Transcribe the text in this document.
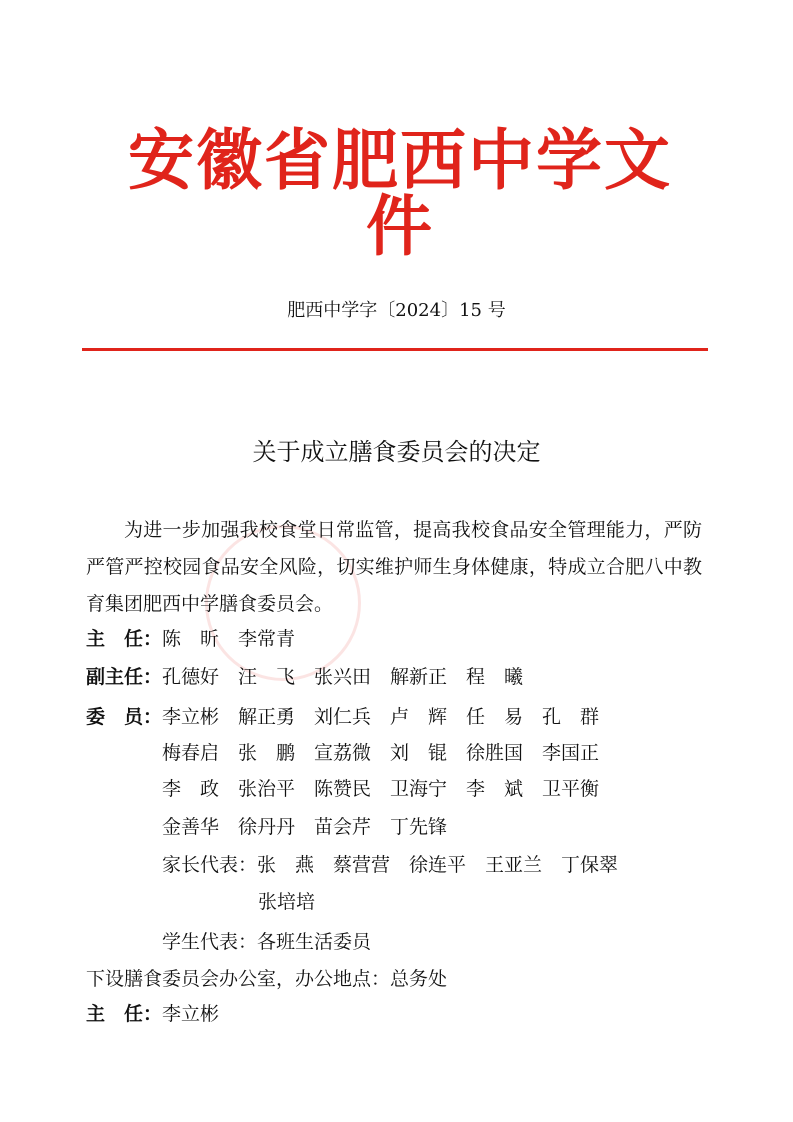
安徽省肥西中学文件
肥西中学字〔2024〕15 号
关于成立膳食委员会的决定
为进一步加强我校食堂日常监管，提高我校食品安全管理能力，严防严管严控校园食品安全风险，切实维护师生身体健康，特成立合肥八中教育集团肥西中学膳食委员会。
主　任：陈　昕　李常青
副主任：孔德好　汪　飞　张兴田　解新正　程　曦
委　员：李立彬　解正勇　刘仁兵　卢　辉　任　易　孔　群
梅春启　张　鹏　宣荔微　刘　锟　徐胜国　李国正
李　政　张治平　陈赞民　卫海宁　李　斌　卫平衡
金善华　徐丹丹　苗会芹　丁先锋
家长代表：张　燕　蔡营营　徐连平　王亚兰　丁保翠
张培培
学生代表：各班生活委员
下设膳食委员会办公室，办公地点：总务处
主　任：李立彬
